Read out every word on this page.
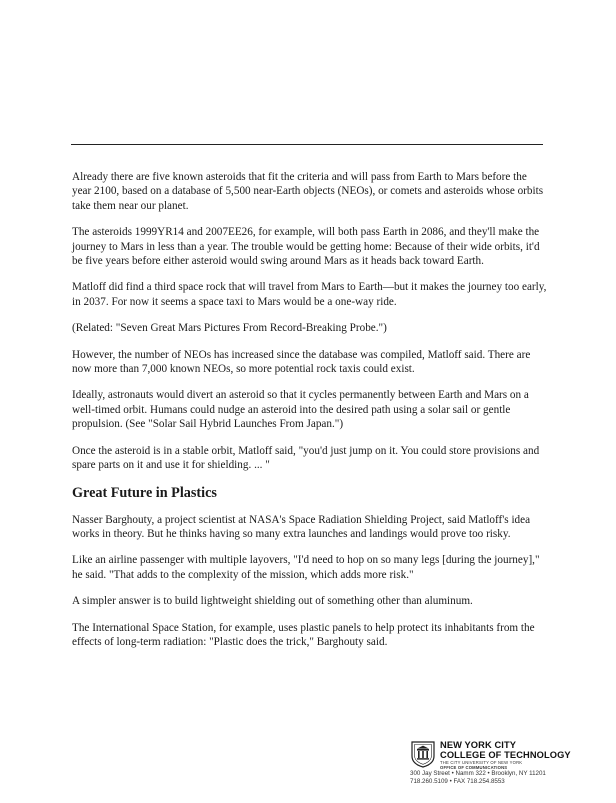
Already there are five known asteroids that fit the criteria and will pass from Earth to Mars before the year 2100, based on a database of 5,500 near-Earth objects (NEOs), or comets and asteroids whose orbits take them near our planet.

The asteroids 1999YR14 and 2007EE26, for example, will both pass Earth in 2086, and they'll make the journey to Mars in less than a year. The trouble would be getting home: Because of their wide orbits, it'd be five years before either asteroid would swing around Mars as it heads back toward Earth.

Matloff did find a third space rock that will travel from Mars to Earth—but it makes the journey too early, in 2037. For now it seems a space taxi to Mars would be a one-way ride.

(Related: "Seven Great Mars Pictures From Record-Breaking Probe.")

However, the number of NEOs has increased since the database was compiled, Matloff said. There are now more than 7,000 known NEOs, so more potential rock taxis could exist.

Ideally, astronauts would divert an asteroid so that it cycles permanently between Earth and Mars on a well-timed orbit. Humans could nudge an asteroid into the desired path using a solar sail or gentle propulsion. (See "Solar Sail Hybrid Launches From Japan.")

Once the asteroid is in a stable orbit, Matloff said, "you'd just jump on it. You could store provisions and spare parts on it and use it for shielding. ... "

Great Future in Plastics

Nasser Barghouty, a project scientist at NASA's Space Radiation Shielding Project, said Matloff's idea works in theory. But he thinks having so many extra launches and landings would prove too risky.

Like an airline passenger with multiple layovers, "I'd need to hop on so many legs [during the journey]," he said. "That adds to the complexity of the mission, which adds more risk."

A simpler answer is to build lightweight shielding out of something other than aluminum.

The International Space Station, for example, uses plastic panels to help protect its inhabitants from the effects of long-term radiation: "Plastic does the trick," Barghouty said.

NEW YORK CITY
COLLEGE OF TECHNOLOGY
THE CITY UNIVERSITY OF NEW YORK
OFFICE OF COMMUNICATIONS
300 Jay Street • Namm 322 • Brooklyn, NY 11201
718.260.5109 • FAX 718.254.8553
